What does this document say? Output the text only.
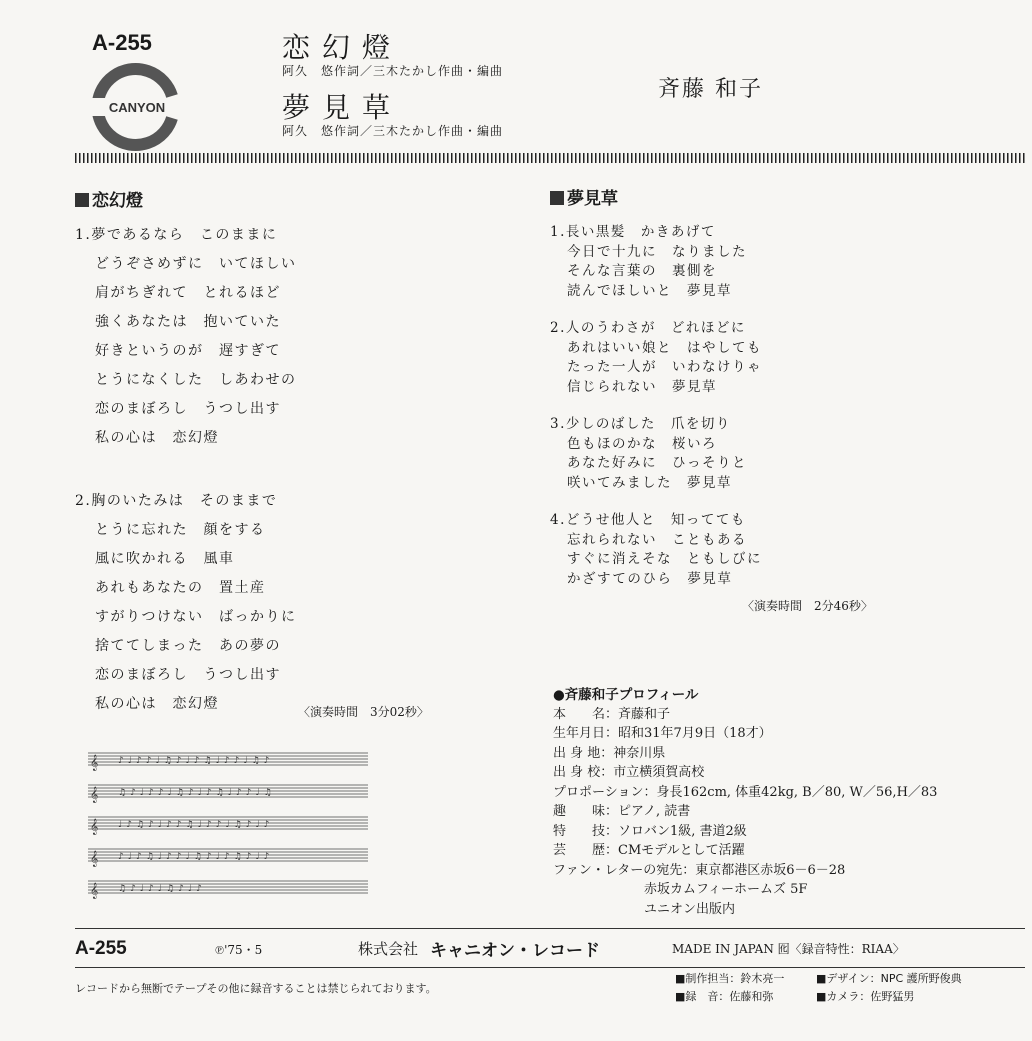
A-255
CANYON
恋幻燈
阿久　悠作詞／三木たかし作曲・編曲
夢見草
阿久　悠作詞／三木たかし作曲・編曲
斉藤 和子
恋幻燈
1.夢であるなら　このままに
どうぞさめずに　いてほしい
肩がちぎれて　とれるほど
強くあなたは　抱いていた
好きというのが　遅すぎて
とうになくした　しあわせの
恋のまぼろし　うつし出す
私の心は　恋幻燈
2.胸のいたみは　そのままで
とうに忘れた　顔をする
風に吹かれる　風車
あれもあなたの　置土産
すがりつけない　ばっかりに
捨ててしまった　あの夢の
恋のまぼろし　うつし出す
私の心は　恋幻燈	〈演奏時間　3分02秒〉
𝄞
𝄞
𝄞
𝄞
𝄞
♪♩♪♪♩♫♪♩♪♫♩♪♪♩♫♪
♫♪♩♪♪♩♫♪♩♪♫♩♪♪♩♫
♩♪♫♪♩♪♪♫♩♪♪♩♫♪♩♪
♪♩♪♫♩♪♪♩♫♪♩♪♫♪♩♪
♫♪♩♪♩♫♪♩♪
夢見草
1.長い黒髪　かきあげて
今日で十九に　なりました
そんな言葉の　裏側を
読んでほしいと　夢見草
2.人のうわさが　どれほどに
あれはいい娘と　はやしても
たった一人が　いわなけりゃ
信じられない　夢見草
3.少しのばした　爪を切り
色もほのかな　桜いろ
あなた好みに　ひっそりと
咲いてみました　夢見草
4.どうせ他人と　知ってても
忘れられない　こともある
すぐに消えそな　ともしびに
かざすてのひら　夢見草
〈演奏時間　2分46秒〉
●斉藤和子プロフィール
本　　名：斉藤和子
生年月日：昭和31年7月9日（18才）
出 身 地：神奈川県
出 身 校：市立横須賀高校
プロポーション：身長162cm, 体重42kg, B／80, W／56,H／83
趣　　味：ピアノ, 読書
特　　技：ソロバン1級, 書道2級
芸　　歴：CMモデルとして活躍
ファン・レターの宛先：東京都港区赤坂6－6－28
　　　　　　　赤坂カムフィーホームズ 5F
　　　　　　　ユニオン出版内
A-255	℗'75・5	株式会社 キャニオン・レコード	MADE IN JAPAN 囮〈録音特性：RIAA〉
レコードから無断でテープその他に録音することは禁じられております。
■制作担当：鈴木亮一	■デザイン：NPC 護所野俊典
■録　音：佐藤和弥	■カメラ：佐野猛男
